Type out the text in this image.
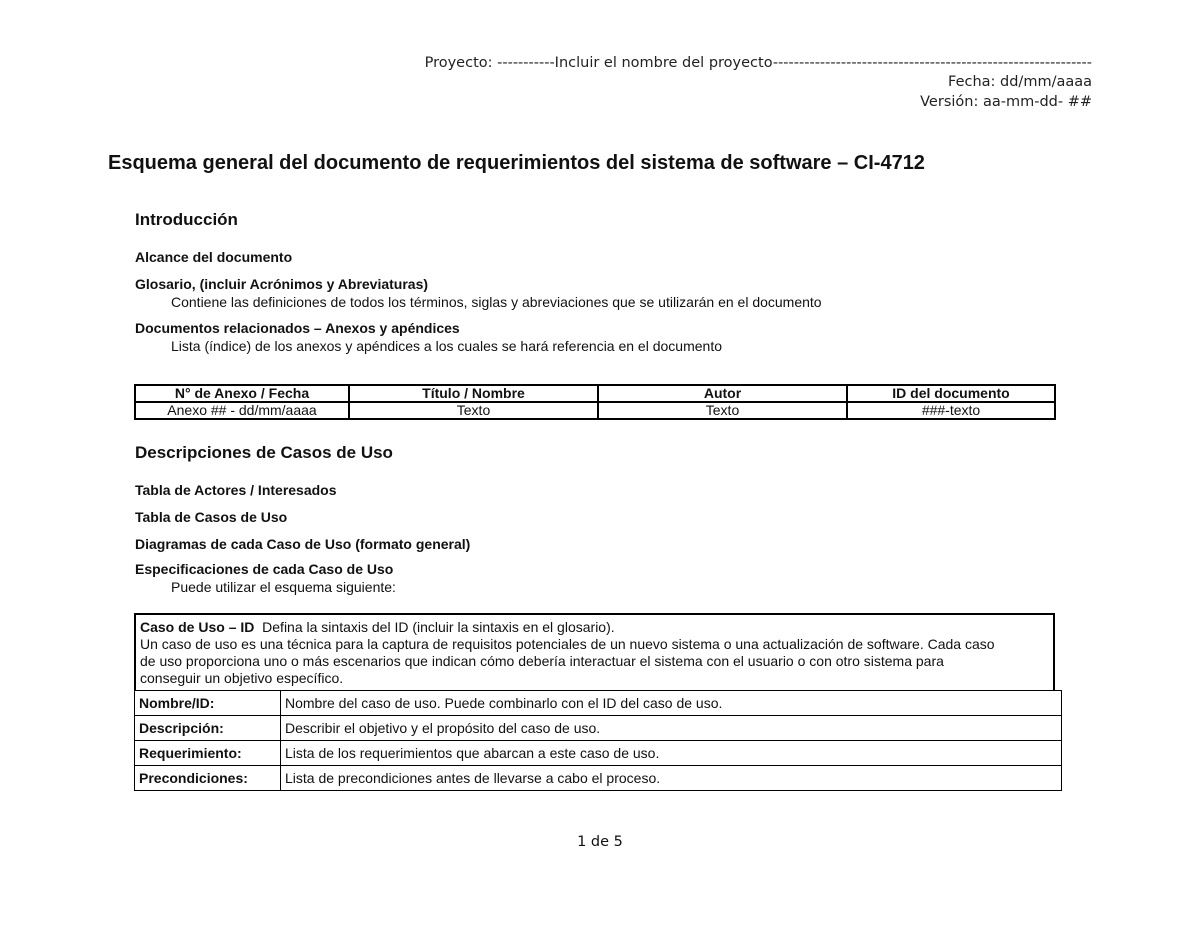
Proyecto: -----------Incluir el nombre del proyecto-------------------------------------------------------------
Fecha: dd/mm/aaaa
Versión: aa-mm-dd- ##
Esquema general del documento de requerimientos del sistema de software – CI-4712
Introducción
Alcance del documento
Glosario, (incluir Acrónimos y Abreviaturas)
Contiene las definiciones de todos los términos, siglas y abreviaciones que se utilizarán en el documento
Documentos relacionados – Anexos y apéndices
Lista (índice) de los anexos y apéndices a los cuales se hará referencia en el documento
N° de Anexo / Fecha	Título / Nombre	Autor	ID del documento
Anexo ## - dd/mm/aaaa	Texto	Texto	###-texto
Descripciones de Casos de Uso
Tabla de Actores / Interesados
Tabla de Casos de Uso
Diagramas de cada Caso de Uso (formato general)
Especificaciones de cada Caso de Uso
Puede utilizar el esquema siguiente:
Caso de Uso – ID Defina la sintaxis del ID (incluir la sintaxis en el glosario).
Un caso de uso es una técnica para la captura de requisitos potenciales de un nuevo sistema o una actualización de software. Cada caso
de uso proporciona uno o más escenarios que indican cómo debería interactuar el sistema con el usuario o con otro sistema para
conseguir un objetivo específico.
Nombre/ID:	Nombre del caso de uso. Puede combinarlo con el ID del caso de uso.
Descripción:	Describir el objetivo y el propósito del caso de uso.
Requerimiento:	Lista de los requerimientos que abarcan a este caso de uso.
Precondiciones:	Lista de precondiciones antes de llevarse a cabo el proceso.
1 de 5
